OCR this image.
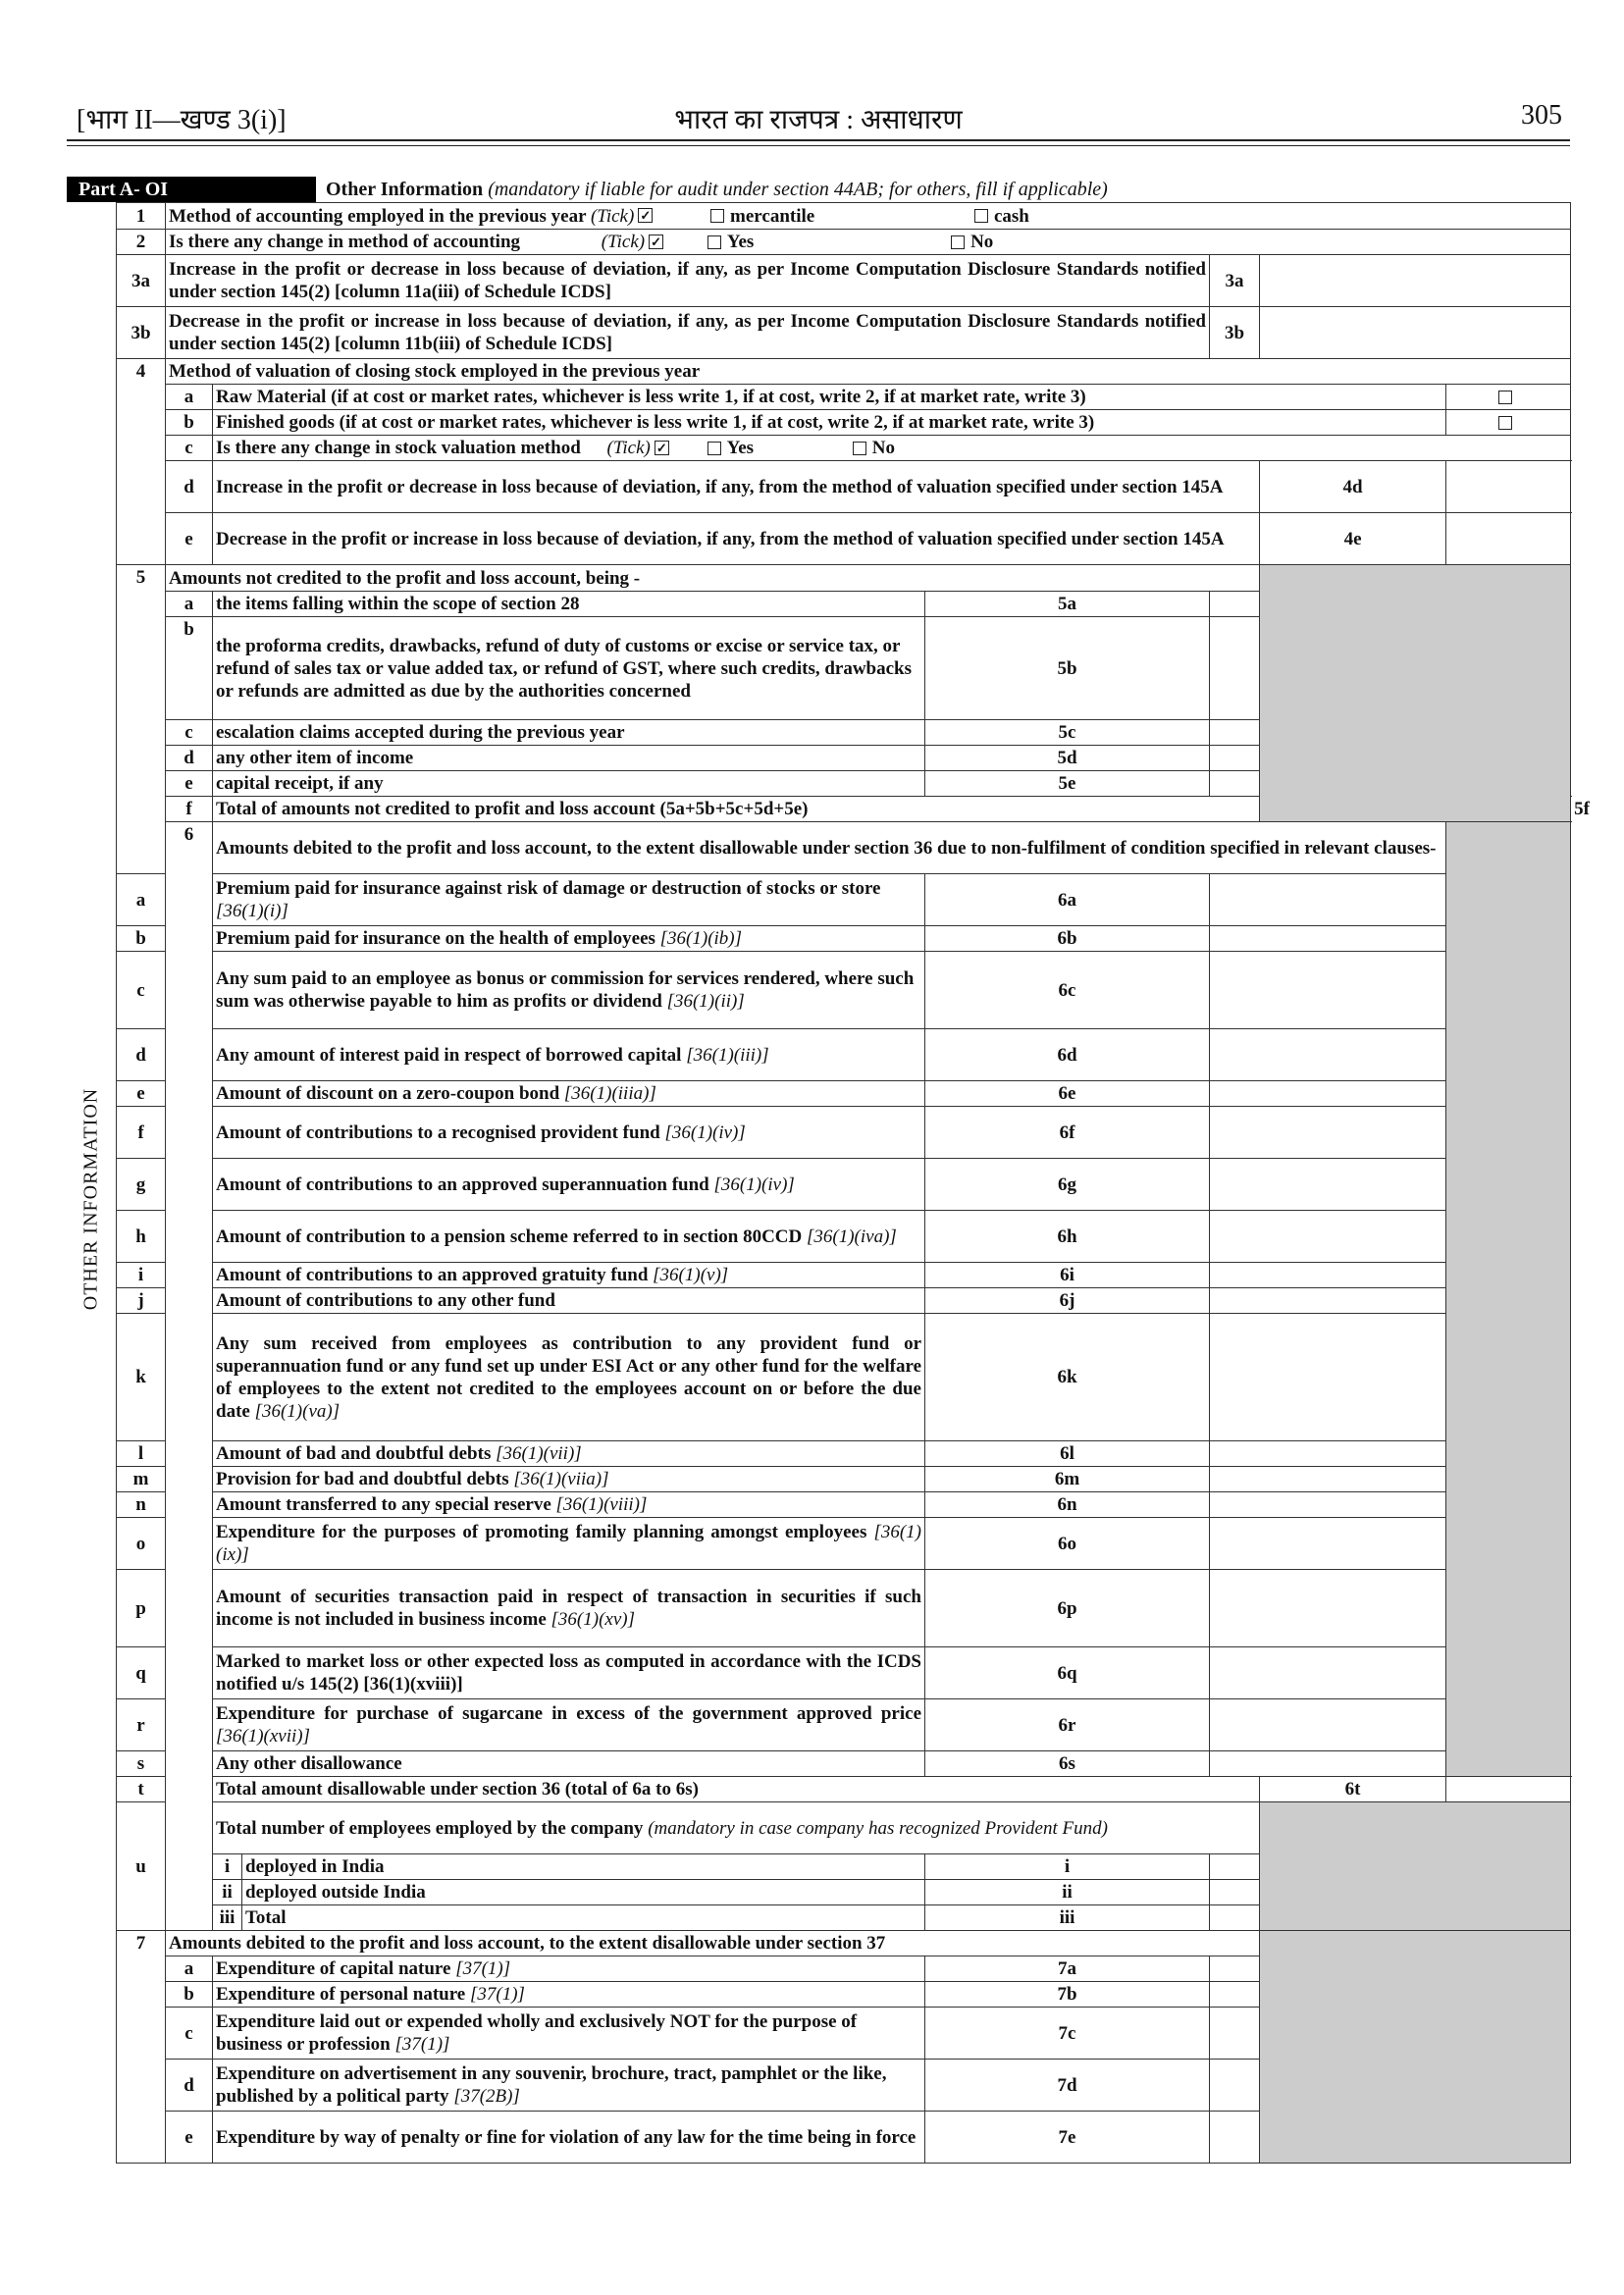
[भाग II—खण्ड 3(i)]	भारत का राजपत्र : असाधारण	305
Part A- OI	Other Information (mandatory if liable for audit under section 44AB; for others, fill if applicable)
OTHER INFORMATION
1	Method of accounting employed in the previous year (Tick) ✓ mercantile cash							
2	Is there any change in method of accounting (Tick) ✓ Yes No							
3a	Increase in the profit or decrease in loss because of deviation, if any, as per Income Computation Disclosure Standards notified under section 145(2) [column 11a(iii) of Schedule ICDS]				3a			
3b	Decrease in the profit or increase in loss because of deviation, if any, as per Income Computation Disclosure Standards notified under section 145(2) [column 11b(iii) of Schedule ICDS]				3b			
4	Method of valuation of closing stock employed in the previous year							
	a	Raw Material (if at cost or market rates, whichever is less write 1, if at cost, write 2, if at market rate, write 3)						
	b	Finished goods (if at cost or market rates, whichever is less write 1, if at cost, write 2, if at market rate, write 3)						
	c	Is there any change in stock valuation method (Tick) ✓ Yes No						
	d	Increase in the profit or decrease in loss because of deviation, if any, from the method of valuation specified under section 145A				4d		
	e	Decrease in the profit or increase in loss because of deviation, if any, from the method of valuation specified under section 145A				4e		
5	Amounts not credited to the profit and loss account, being -							
	a	the items falling within the scope of section 28		5a				
	b	the proforma credits, drawbacks, refund of duty of customs or excise or service tax, or refund of sales tax or value added tax, or refund of GST, where such credits, drawbacks or refunds are admitted as due by the authorities concerned		5b				
	c	escalation claims accepted during the previous year		5c				
	d	any other item of income		5d				
	e	capital receipt, if any		5e				
	f	Total of amounts not credited to profit and loss account (5a+5b+5c+5d+5e)						5f	
	6	Amounts debited to the profit and loss account, to the extent disallowable under section 36 due to non-fulfilment of condition specified in relevant clauses-						
a		Premium paid for insurance against risk of damage or destruction of stocks or store [36(1)(i)]		6a				
b		Premium paid for insurance on the health of employees [36(1)(ib)]		6b				
c		Any sum paid to an employee as bonus or commission for services rendered, where such sum was otherwise payable to him as profits or dividend [36(1)(ii)]		6c				
d		Any amount of interest paid in respect of borrowed capital [36(1)(iii)]		6d				
e		Amount of discount on a zero-coupon bond [36(1)(iiia)]		6e				
f		Amount of contributions to a recognised provident fund [36(1)(iv)]		6f				
g		Amount of contributions to an approved superannuation fund [36(1)(iv)]		6g				
h		Amount of contribution to a pension scheme referred to in section 80CCD [36(1)(iva)]		6h				
i		Amount of contributions to an approved gratuity fund [36(1)(v)]		6i				
j		Amount of contributions to any other fund		6j				
k		Any sum received from employees as contribution to any provident fund or superannuation fund or any fund set up under ESI Act or any other fund for the welfare of employees to the extent not credited to the employees account on or before the due date [36(1)(va)]		6k				
l		Amount of bad and doubtful debts [36(1)(vii)]		6l				
m		Provision for bad and doubtful debts [36(1)(viia)]		6m				
n		Amount transferred to any special reserve [36(1)(viii)]		6n				
o		Expenditure for the purposes of promoting family planning amongst employees [36(1)(ix)]		6o				
p		Amount of securities transaction paid in respect of transaction in securities if such income is not included in business income [36(1)(xv)]		6p				
q		Marked to market loss or other expected loss as computed in accordance with the ICDS notified u/s 145(2) [36(1)(xviii)]		6q				
r		Expenditure for purchase of sugarcane in excess of the government approved price [36(1)(xvii)]		6r				
s		Any other disallowance		6s				
t		Total amount disallowable under section 36 (total of 6a to 6s)				6t		
u		Total number of employees employed by the company (mandatory in case company has recognized Provident Fund)						
		i	deployed in India	i				
		ii	deployed outside India	ii				
		iii	Total	iii				
7	Amounts debited to the profit and loss account, to the extent disallowable under section 37							
	a	Expenditure of capital nature [37(1)]		7a				
	b	Expenditure of personal nature [37(1)]		7b				
	c	Expenditure laid out or expended wholly and exclusively NOT for the purpose of business or profession [37(1)]		7c				
	d	Expenditure on advertisement in any souvenir, brochure, tract, pamphlet or the like, published by a political party [37(2B)]		7d				
	e	Expenditure by way of penalty or fine for violation of any law for the time being in force		7e				
